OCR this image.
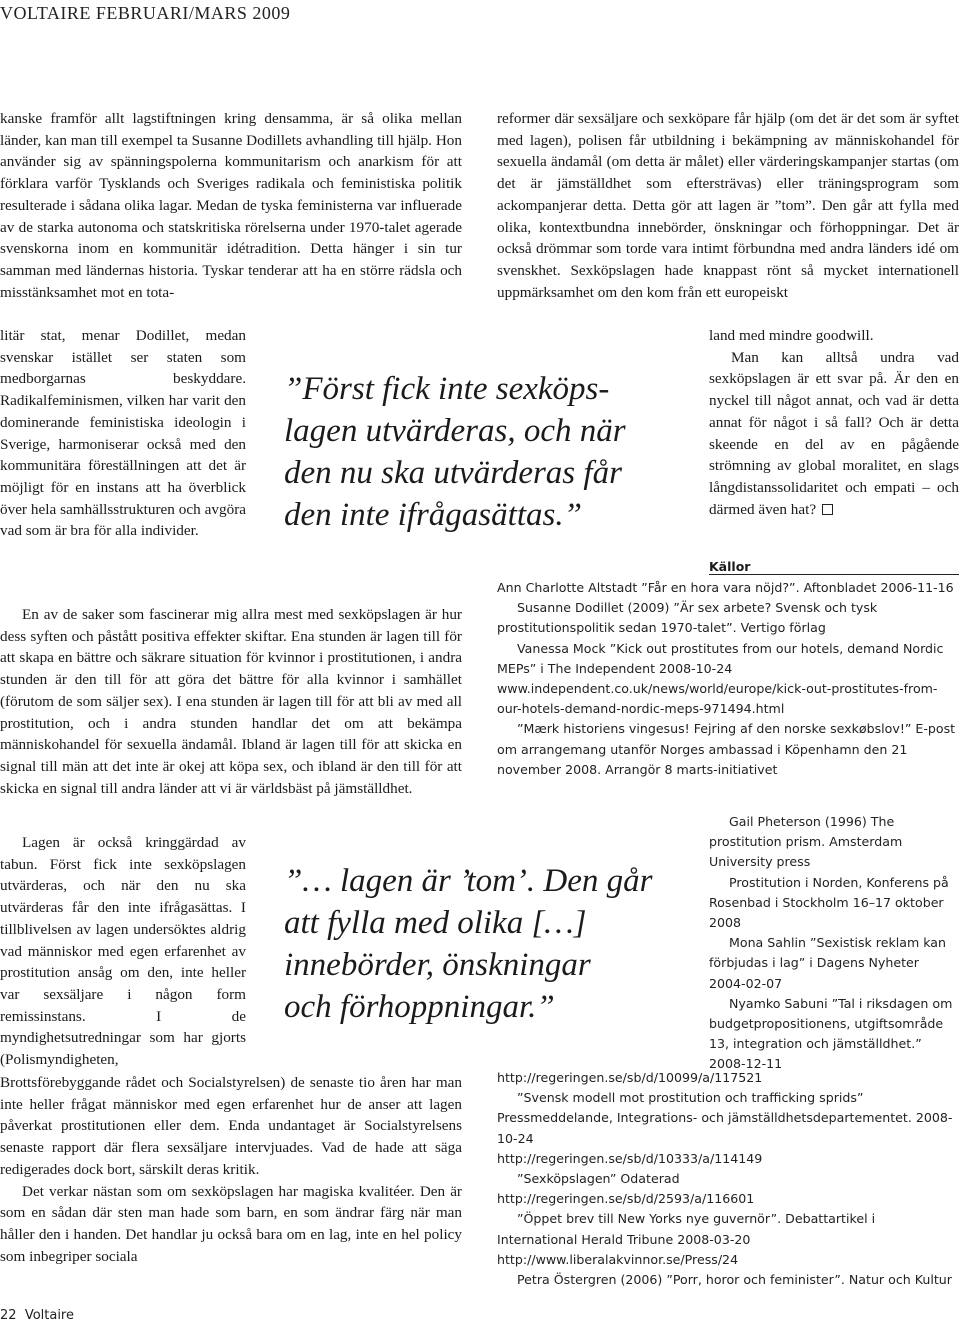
VOLTAIRE FEBRUARI/MARS 2009

kanske framför allt lagstiftningen kring densamma, är så olika mellan länder, kan man till exempel ta Susanne Dodillets avhandling till hjälp. Hon använder sig av spänningspolerna kommunitarism och anarkism för att förklara varför Tysklands och Sveriges radikala och feministiska politik resulterade i sådana olika lagar. Medan de tyska feministerna var influerade av de starka autonoma och statskritiska rörelserna under 1970-talet agerade svenskorna inom en kommunitär idétradition. Detta hänger i sin tur samman med ländernas historia. Tyskar tenderar att ha en större rädsla och misstänksamhet mot en tota-

litär stat, menar Dodillet, medan svenskar istället ser staten som medborgarnas beskyddare. Radikalfeminismen, vilken har varit den dominerande feministiska ideologin i Sverige, harmoniserar också med den kommunitära föreställningen att det är möjligt för en instans att ha överblick över hela samhällsstrukturen och avgöra vad som är bra för alla individer.

En av de saker som fascinerar mig allra mest med sexköpslagen är hur dess syften och påstått positiva effekter skiftar. Ena stunden är lagen till för att skapa en bättre och säkrare situation för kvinnor i prostitutionen, i andra stunden är den till för att göra det bättre för alla kvinnor i samhället (förutom de som säljer sex). I ena stunden är lagen till för att bli av med all prostitution, och i andra stunden handlar det om att bekämpa människohandel för sexuella ändamål. Ibland är lagen till för att skicka en signal till män att det inte är okej att köpa sex, och ibland är den till för att skicka en signal till andra länder att vi är världsbäst på jämställdhet.

Lagen är också kringgärdad av tabun. Först fick inte sexköpslagen utvärderas, och när den nu ska utvärderas får den inte ifrågasättas. I tillblivelsen av lagen undersöktes aldrig vad människor med egen erfarenhet av prostitution ansåg om den, inte heller var sexsäljare i någon form remissinstans. I de myndighetsutredningar som har gjorts (Polismyndigheten,

Brottsförebyggande rådet och Socialstyrelsen) de senaste tio åren har man inte heller frågat människor med egen erfarenhet hur de anser att lagen påverkat prostitutionen eller dem. Enda undantaget är Socialstyrelsens senaste rapport där flera sexsäljare intervjuades. Vad de hade att säga redigerades dock bort, särskilt deras kritik.

Det verkar nästan som om sexköpslagen har magiska kvalitéer. Den är som en sådan där sten man hade som barn, en som ändrar färg när man håller den i handen. Det handlar ju också bara om en lag, inte en hel policy som inbegriper sociala

reformer där sexsäljare och sexköpare får hjälp (om det är det som är syftet med lagen), polisen får utbildning i bekämpning av människohandel för sexuella ändamål (om detta är målet) eller värderingskampanjer startas (om det är jämställdhet som eftersträvas) eller träningsprogram som ackompanjerar detta. Detta gör att lagen är ”tom”. Den går att fylla med olika, kontextbundna innebörder, önskningar och förhoppningar. Det är också drömmar som torde vara intimt förbundna med andra länders idé om svenskhet. Sexköpslagen hade knappast rönt så mycket internationell uppmärksamhet om den kom från ett europeiskt

land med mindre goodwill.

Man kan alltså undra vad sexköpslagen är ett svar på. Är den en nyckel till något annat, och vad är detta annat för något i så fall? Och är detta skeende en del av en pågående strömning av global moralitet, en slags långdistanssolidaritet och empati – och därmed även hat?

”Först fick inte sexköps-
lagen utvärderas, och när
den nu ska utvärderas får
den inte ifrågasättas.”
”… lagen är ’tom’. Den går
att fylla med olika […]
innebörder, önskningar
och förhoppningar.”
Källor

Ann Charlotte Altstadt ”Får en hora vara nöjd?”. Aftonbladet 2006-11-16

Susanne Dodillet (2009) ”Är sex arbete? Svensk och tysk prostitutionspolitik sedan 1970-talet”. Vertigo förlag

Vanessa Mock ”Kick out prostitutes from our hotels, demand Nordic MEPs” i The Independent 2008-10-24

www.independent.co.uk/news/world/europe/kick-out-prostitutes-from-our-hotels-demand-nordic-meps-971494.html

”Mærk historiens vingesus! Fejring af den norske sexkøbslov!” E-post om arrangemang utanför Norges ambassad i Köpenhamn den 21 november 2008. Arrangör 8 marts-initiativet

Gail Pheterson (1996) The prostitution prism. Amsterdam University press

Prostitution i Norden, Konferens på Rosenbad i Stockholm 16–17 oktober 2008

Mona Sahlin ”Sexistisk reklam kan förbjudas i lag” i Dagens Nyheter 2004-02-07

Nyamko Sabuni ”Tal i riksdagen om budgetpropositionens, utgiftsområde 13, integration och jämställdhet.” 2008-12-11

http://regeringen.se/sb/d/10099/a/117521

”Svensk modell mot prostitution och trafficking sprids” Pressmeddelande, Integrations- och jämställdhetsdepartementet. 2008-10-24

http://regeringen.se/sb/d/10333/a/114149

”Sexköpslagen” Odaterad

http://regeringen.se/sb/d/2593/a/116601

”Öppet brev till New Yorks nye guvernör”. Debattartikel i International Herald Tribune 2008-03-20

http://www.liberalakvinnor.se/Press/24

Petra Östergren (2006) ”Porr, horor och feminister”. Natur och Kultur

22 Voltaire
